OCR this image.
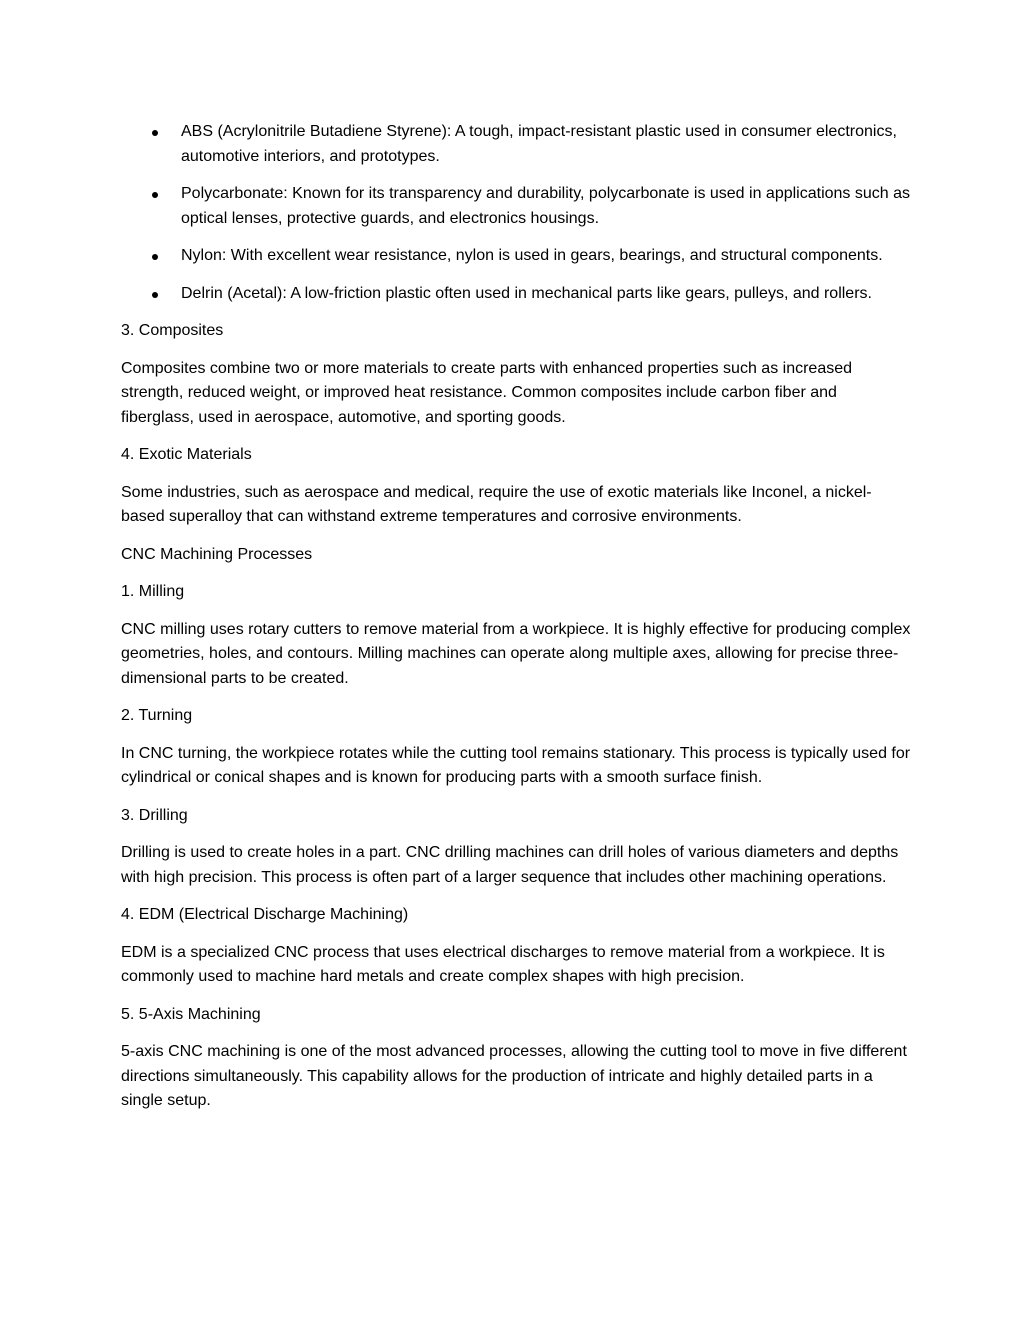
ABS (Acrylonitrile Butadiene Styrene): A tough, impact-resistant plastic used in consumer electronics, automotive interiors, and prototypes.
Polycarbonate: Known for its transparency and durability, polycarbonate is used in applications such as optical lenses, protective guards, and electronics housings.
Nylon: With excellent wear resistance, nylon is used in gears, bearings, and structural components.
Delrin (Acetal): A low-friction plastic often used in mechanical parts like gears, pulleys, and rollers.

3. Composites

Composites combine two or more materials to create parts with enhanced properties such as increased strength, reduced weight, or improved heat resistance. Common composites include carbon fiber and fiberglass, used in aerospace, automotive, and sporting goods.

4. Exotic Materials

Some industries, such as aerospace and medical, require the use of exotic materials like Inconel, a nickel-based superalloy that can withstand extreme temperatures and corrosive environments.

CNC Machining Processes

1. Milling

CNC milling uses rotary cutters to remove material from a workpiece. It is highly effective for producing complex geometries, holes, and contours. Milling machines can operate along multiple axes, allowing for precise three-dimensional parts to be created.

2. Turning

In CNC turning, the workpiece rotates while the cutting tool remains stationary. This process is typically used for cylindrical or conical shapes and is known for producing parts with a smooth surface finish.

3. Drilling

Drilling is used to create holes in a part. CNC drilling machines can drill holes of various diameters and depths with high precision. This process is often part of a larger sequence that includes other machining operations.

4. EDM (Electrical Discharge Machining)

EDM is a specialized CNC process that uses electrical discharges to remove material from a workpiece. It is commonly used to machine hard metals and create complex shapes with high precision.

5. 5-Axis Machining

5-axis CNC machining is one of the most advanced processes, allowing the cutting tool to move in five different directions simultaneously. This capability allows for the production of intricate and highly detailed parts in a single setup.
